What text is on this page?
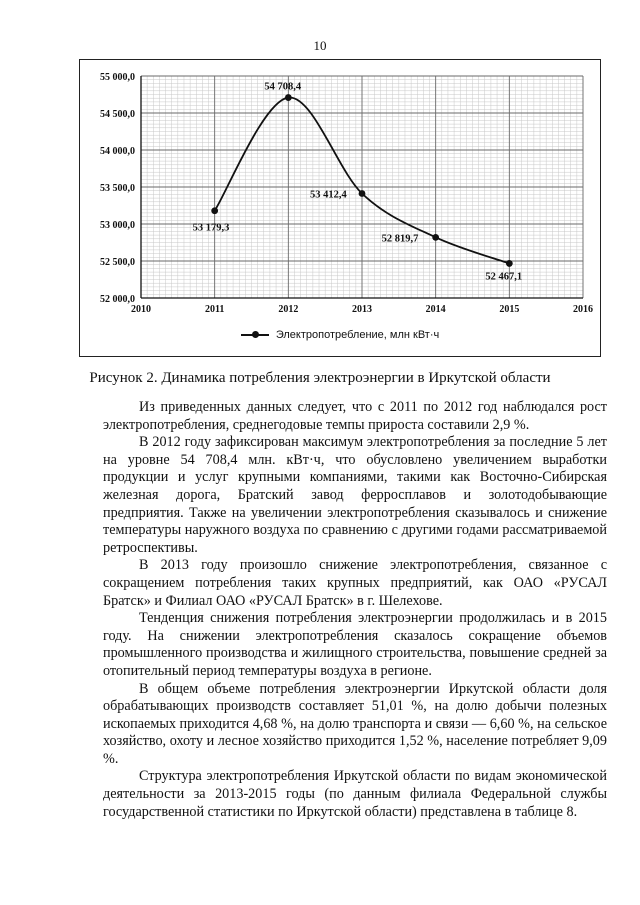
10
2010	2011	2012	2013	2014	2015	2016
55 000,0
54 500,0
54 000,0
53 500,0
53 000,0
52 500,0
52 000,0
53 179,3
54 708,4
53 412,4
52 819,7
52 467,1
Электропотребление, млн кВт·ч
Рисунок 2. Динамика потребления электроэнергии в Иркутской области

Из приведенных данных следует, что с 2011 по 2012 год наблюдался рост электропотребления, среднегодовые темпы прироста составили 2,9 %.

В 2012 году зафиксирован максимум электропотребления за последние 5 лет на уровне 54 708,4 млн. кВт·ч, что обусловлено увеличением выработки продукции и услуг крупными компаниями, такими как Восточно-Сибирская железная дорога, Братский завод ферросплавов и золотодобывающие предприятия. Также на увеличении электропотребления сказывалось и снижение температуры наружного воздуха по сравнению с другими годами рассматриваемой ретроспективы.

В 2013 году произошло снижение электропотребления, связанное с сокращением потребления таких крупных предприятий, как ОАО «РУСАЛ Братск» и Филиал ОАО «РУСАЛ Братск» в г. Шелехове.

Тенденция снижения потребления электроэнергии продолжилась и в 2015 году. На снижении электропотребления сказалось сокращение объемов промышленного производства и жилищного строительства, повышение средней за отопительный период температуры воздуха в регионе.

В общем объеме потребления электроэнергии Иркутской области доля обрабатывающих производств составляет 51,01 %, на долю добычи полезных ископаемых приходится 4,68 %, на долю транспорта и связи — 6,60 %, на сельское хозяйство, охоту и лесное хозяйство приходится 1,52 %, население потребляет 9,09 %.

Структура электропотребления Иркутской области по видам экономической деятельности за 2013-2015 годы (по данным филиала Федеральной службы государственной статистики по Иркутской области) представлена в таблице 8.
